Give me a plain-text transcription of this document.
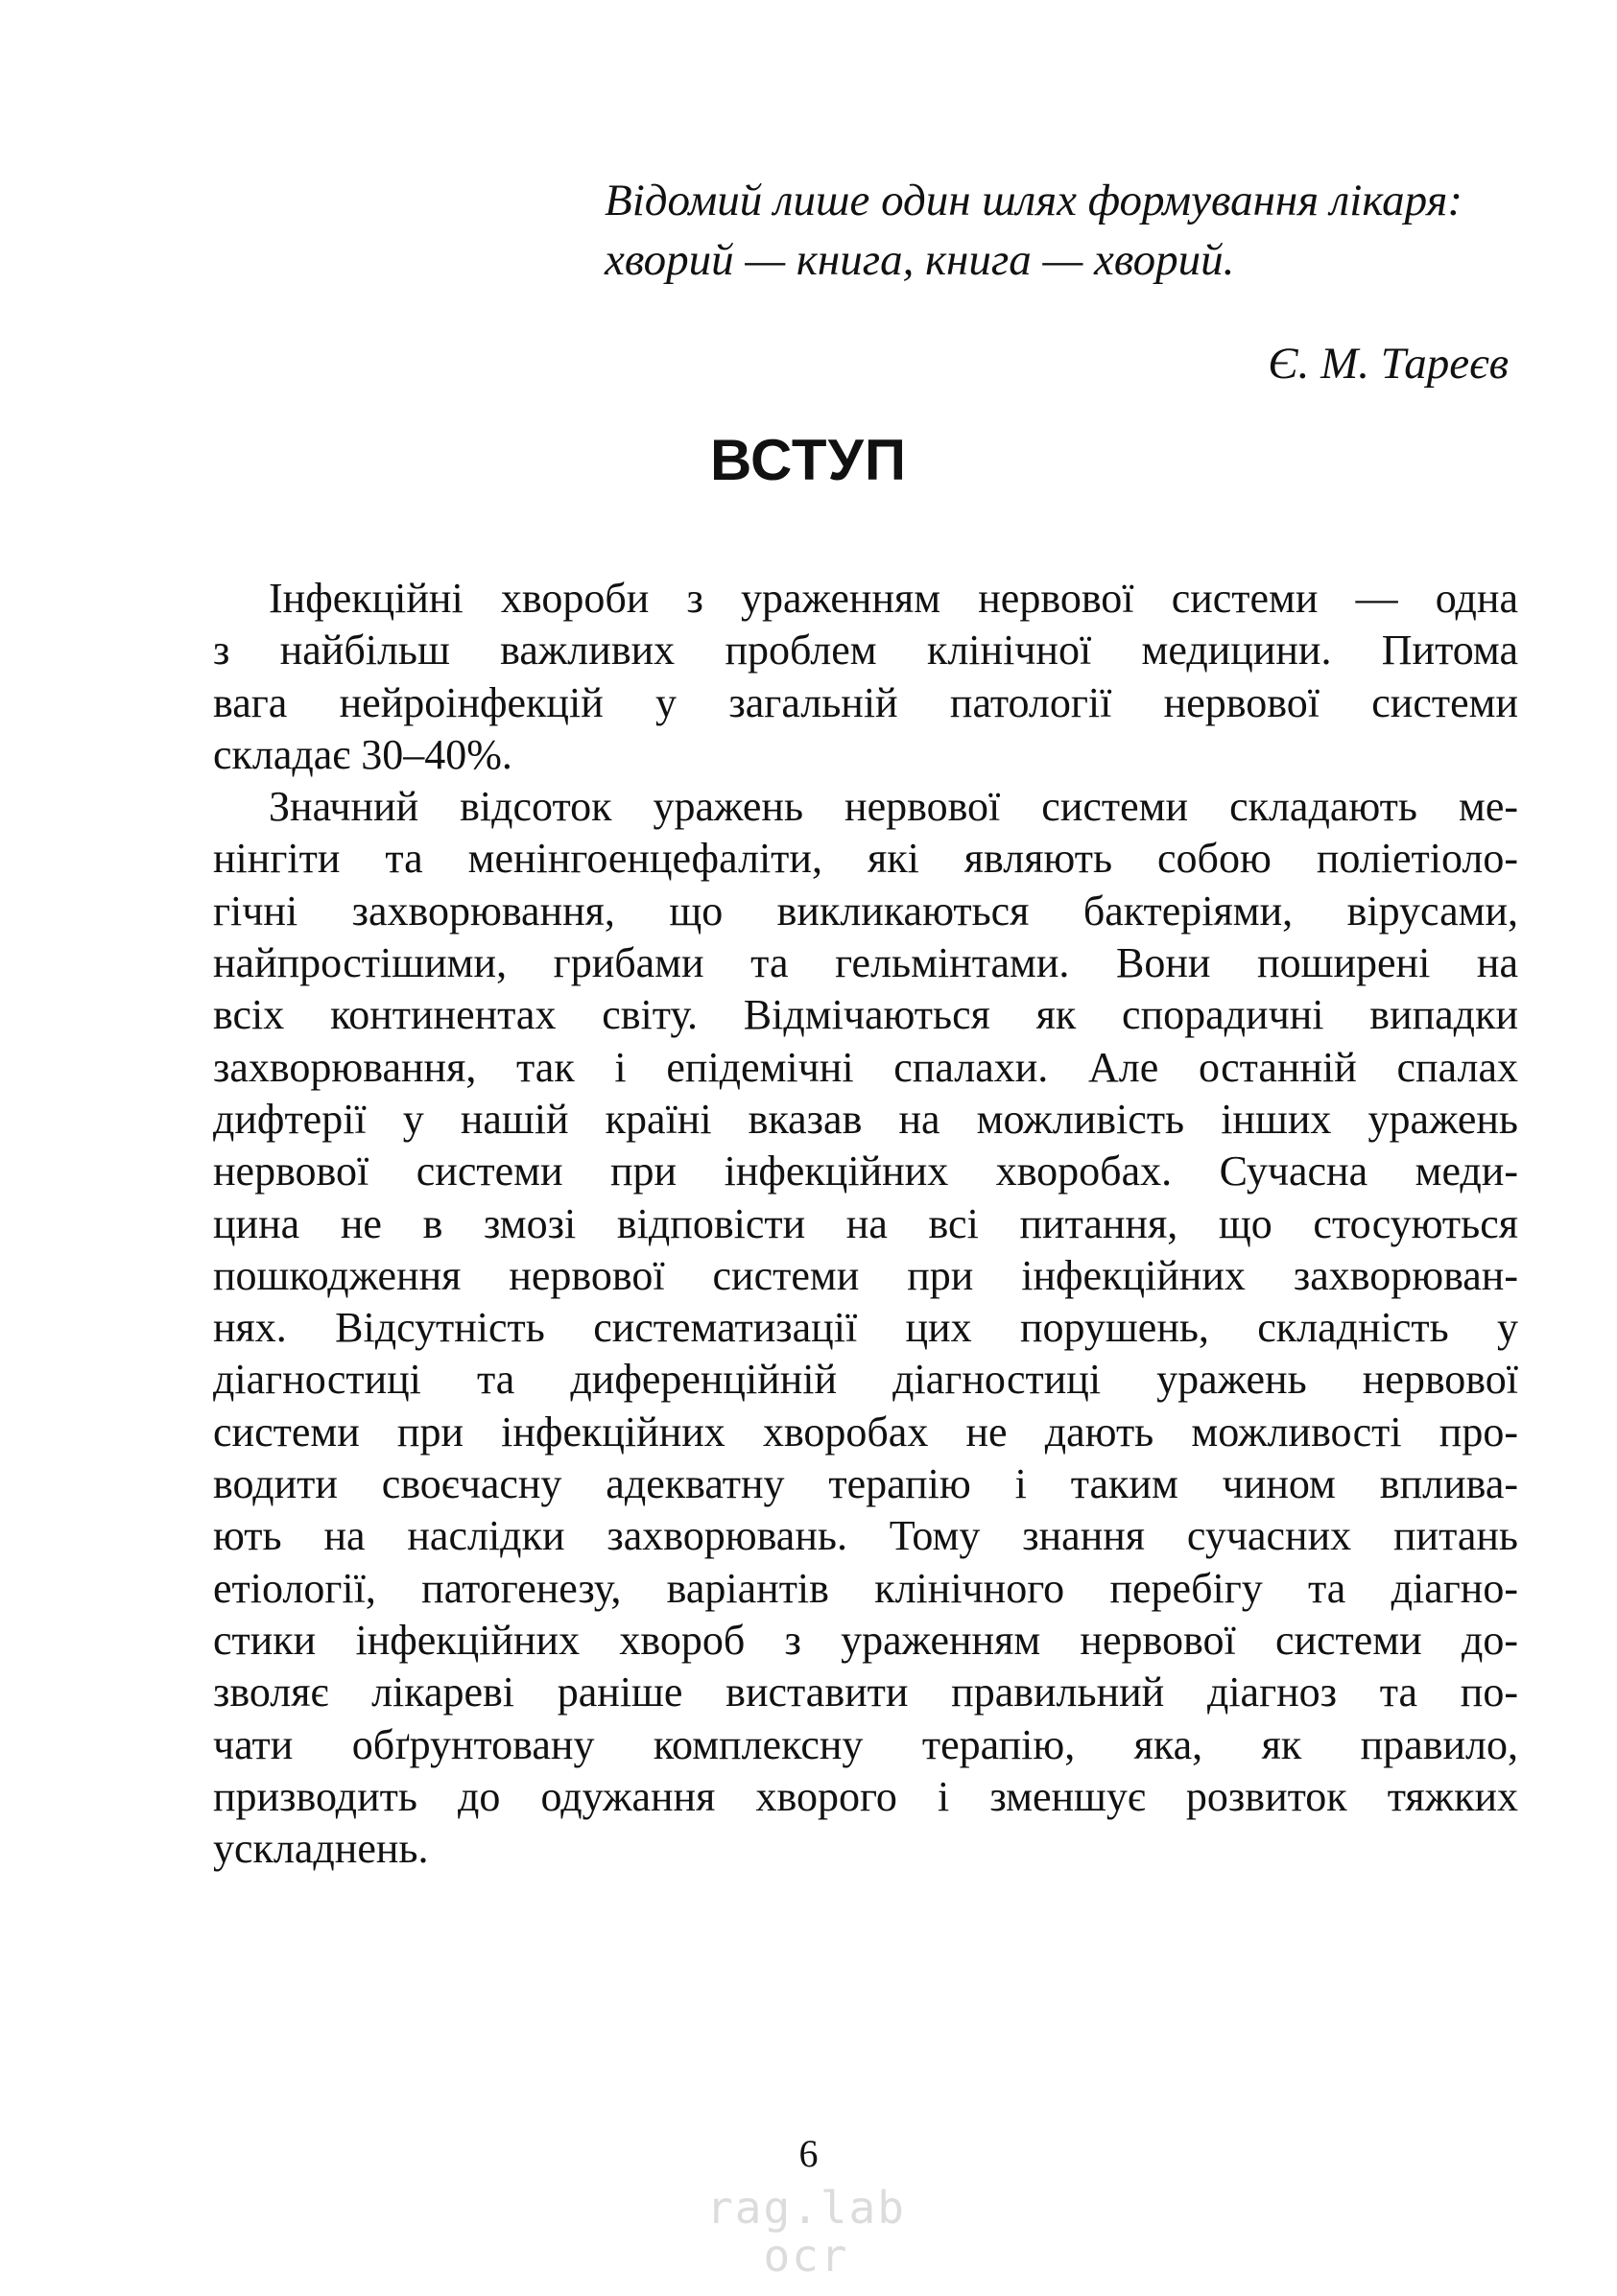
Відомий лише один шлях формування лікаря:
хворий — книга, книга — хворий.
Є. М. Тареєв
ВСТУП

Інфекційні хвороби з ураженням нервової системи — одна
з найбільш важливих проблем клінічної медицини. Питома
вага нейроінфекцій у загальній патології нервової системи
складає 30–40%.

Значний відсоток уражень нервової системи складають ме-
нінгіти та менінгоенцефаліти, які являють собою поліетіоло-
гічні захворювання, що викликаються бактеріями, вірусами,
найпростішими, грибами та гельмінтами. Вони поширені на
всіх континентах світу. Відмічаються як спорадичні випадки
захворювання, так і епідемічні спалахи. Але останній спалах
дифтерії у нашій країні вказав на можливість інших уражень
нервової системи при інфекційних хворобах. Сучасна меди-
цина не в змозі відповісти на всі питання, що стосуються
пошкодження нервової системи при інфекційних захворюван-
нях. Відсутність систематизації цих порушень, складність у
діагностиці та диференційній діагностиці уражень нервової
системи при інфекційних хворобах не дають можливості про-
водити своєчасну адекватну терапію і таким чином вплива-
ють на наслідки захворювань. Тому знання сучасних питань
етіології, патогенезу, варіантів клінічного перебігу та діагно-
стики інфекційних хвороб з ураженням нервової системи до-
зволяє лікареві раніше виставити правильний діагноз та по-
чати обґрунтовану комплексну терапію, яка, як правило,
призводить до одужання хворого і зменшує розвиток тяжких
ускладнень.

6
rag.lab
ocr
